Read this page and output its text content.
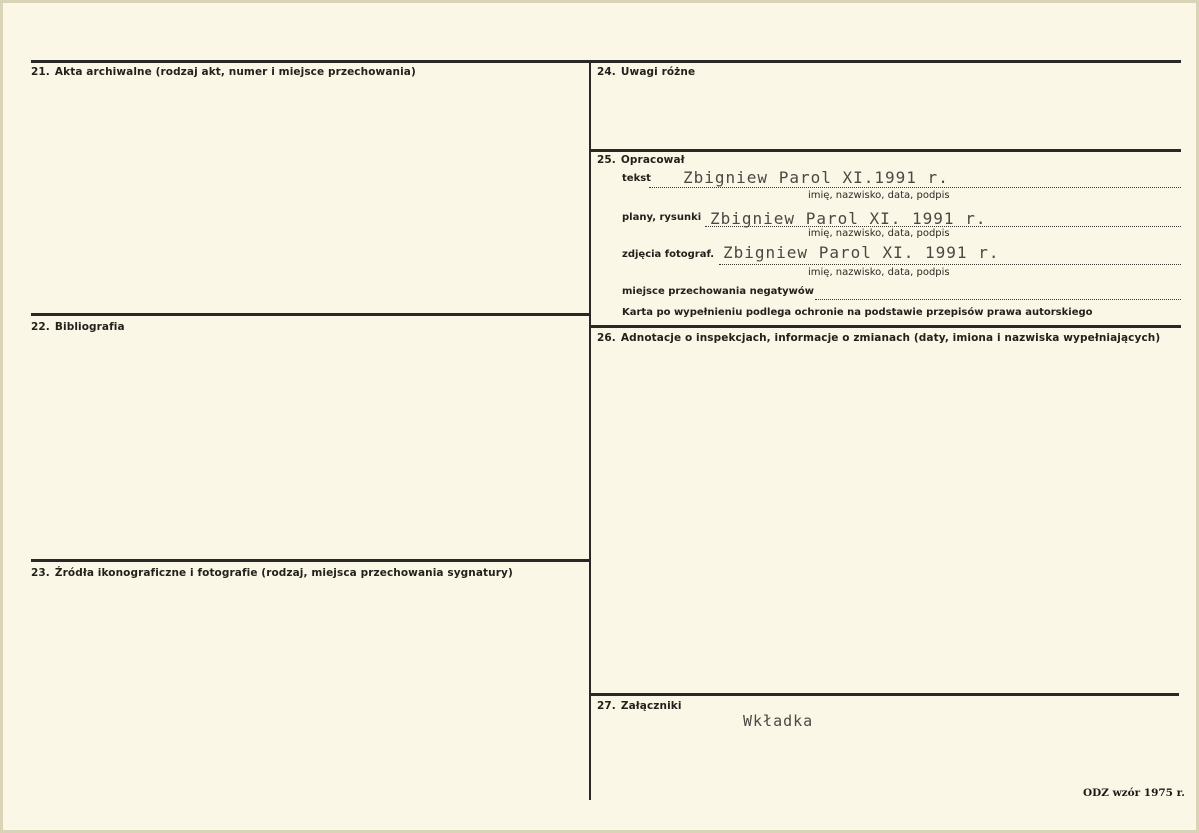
21. Akta archiwalne (rodzaj akt, numer i miejsce przechowania)
22. Bibliografia
23. Źródła ikonograficzne i fotografie (rodzaj, miejsca przechowania sygnatury)
24. Uwagi różne
25. Opracował
tekst Zbigniew Parol XI.1991 r.
imię, nazwisko, data, podpis
plany, rysunki Zbigniew Parol XI. 1991 r.
imię, nazwisko, data, podpis
zdjęcia fotograf. Zbigniew Parol XI. 1991 r.
imię, nazwisko, data, podpis
miejsce przechowania negatywów
Karta po wypełnieniu podlega ochronie na podstawie przepisów prawa autorskiego
26. Adnotacje o inspekcjach, informacje o zmianach (daty, imiona i nazwiska wypełniających)
27. Załączniki
Wkładka
ODZ wzór 1975 r.
